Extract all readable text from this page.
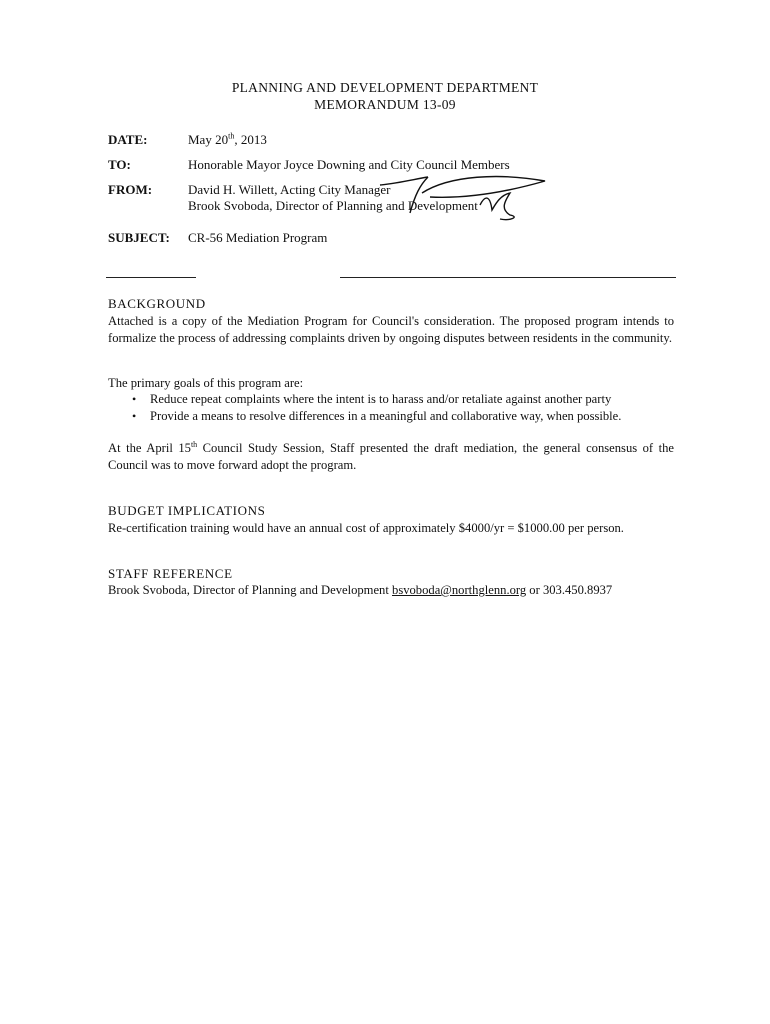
PLANNING AND DEVELOPMENT DEPARTMENT
MEMORANDUM 13-09
DATE:	May 20th, 2013
TO:	Honorable Mayor Joyce Downing and City Council Members
FROM:	David H. Willett, Acting City Manager
Brook Svoboda, Director of Planning and Development
SUBJECT: CR-56 Mediation Program
BACKGROUND
Attached is a copy of the Mediation Program for Council's consideration. The proposed program intends to formalize the process of addressing complaints driven by ongoing disputes between residents in the community.
The primary goals of this program are:
• Reduce repeat complaints where the intent is to harass and/or retaliate against another party
• Provide a means to resolve differences in a meaningful and collaborative way, when possible.
At the April 15th Council Study Session, Staff presented the draft mediation, the general consensus of the Council was to move forward adopt the program.
BUDGET IMPLICATIONS
Re-certification training would have an annual cost of approximately $4000/yr = $1000.00 per person.
STAFF REFERENCE
Brook Svoboda, Director of Planning and Development bsvoboda@northglenn.org or 303.450.8937
